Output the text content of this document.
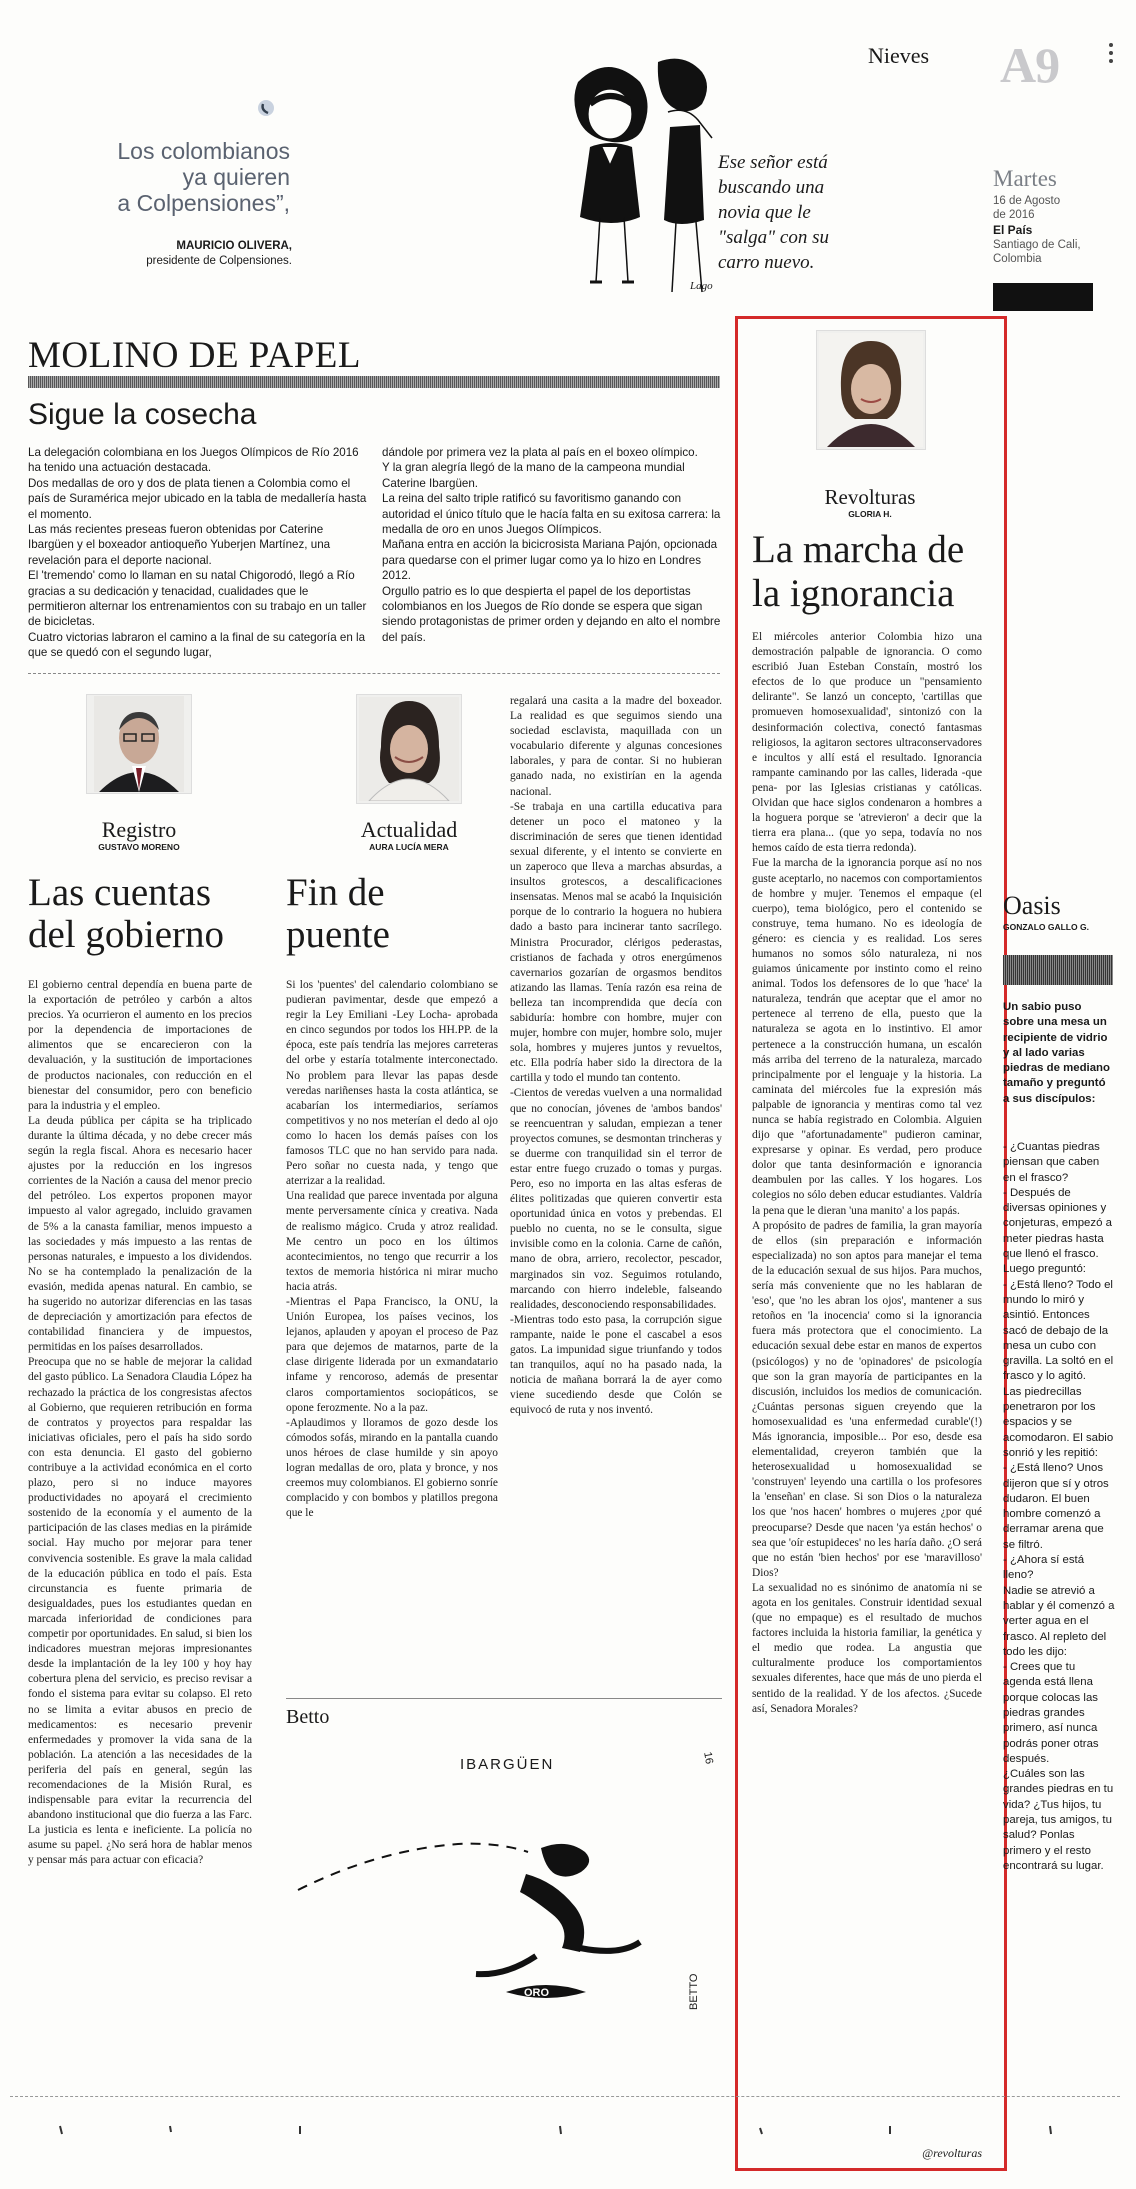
Los colombianos
ya quieren
a Colpensiones”,
MAURICIO OLIVERA,
presidente de Colpensiones.
Ese señor está
buscando una
novia que le
"salga" con su
carro nuevo.
Lago
Nieves A9
Martes
16 de Agosto
de 2016
El País
Santiago de Cali,
Colombia
MOLINO DE PAPEL
Sigue la cosecha
La delegación colombiana en los Juegos Olímpicos de Río 2016 ha tenido una actuación destacada.
Dos medallas de oro y dos de plata tienen a Colombia como el país de Suramérica mejor ubicado en la tabla de medallería hasta el momento.
Las más recientes preseas fueron obtenidas por Caterine Ibargüen y el boxeador antioqueño Yuberjen Martínez, una revelación para el deporte nacional.
El 'tremendo' como lo llaman en su natal Chigorodó, llegó a Río gracias a su dedicación y tenacidad, cualidades que le permitieron alternar los entrenamientos con su trabajo en un taller de bicicletas.
Cuatro victorias labraron el camino a la final de su categoría en la que se quedó con el segundo lugar,
dándole por primera vez la plata al país en el boxeo olímpico.
Y la gran alegría llegó de la mano de la campeona mundial Caterine Ibargüen.
La reina del salto triple ratificó su favoritismo ganando con autoridad el único título que le hacía falta en su exitosa carrera: la medalla de oro en unos Juegos Olímpicos.
Mañana entra en acción la bicicrosista Mariana Pajón, opcionada para quedarse con el primer lugar como ya lo hizo en Londres 2012.
Orgullo patrio es lo que despierta el papel de los deportistas colombianos en los Juegos de Río donde se espera que sigan siendo protagonistas de primer orden y dejando en alto el nombre del país.
Registro
GUSTAVO MORENO
Las cuentas
del gobierno
El gobierno central dependía en buena parte de la exportación de petróleo y carbón a altos precios. Ya ocurrieron el aumento en los precios por la dependencia de importaciones de alimentos que se encarecieron con la devaluación, y la sustitución de importaciones de productos nacionales, con reducción en el bienestar del consumidor, pero con beneficio para la industria y el empleo.
La deuda pública per cápita se ha triplicado durante la última década, y no debe crecer más según la regla fiscal. Ahora es necesario hacer ajustes por la reducción en los ingresos corrientes de la Nación a causa del menor precio del petróleo. Los expertos proponen mayor impuesto al valor agregado, incluido gravamen de 5% a la canasta familiar, menos impuesto a las sociedades y más impuesto a las rentas de personas naturales, e impuesto a los dividendos. No se ha contemplado la penalización de la evasión, medida apenas natural. En cambio, se ha sugerido no autorizar diferencias en las tasas de depreciación y amortización para efectos de contabilidad financiera y de impuestos, permitidas en los países desarrollados.
Preocupa que no se hable de mejorar la calidad del gasto público. La Senadora Claudia López ha rechazado la práctica de los congresistas afectos al Gobierno, que requieren retribución en forma de contratos y proyectos para respaldar las iniciativas oficiales, pero el país ha sido sordo con esta denuncia. El gasto del gobierno contribuye a la actividad económica en el corto plazo, pero si no induce mayores productividades no apoyará el crecimiento sostenido de la economía y el aumento de la participación de las clases medias en la pirámide social. Hay mucho por mejorar para tener convivencia sostenible. Es grave la mala calidad de la educación pública en todo el país. Esta circunstancia es fuente primaria de desigualdades, pues los estudiantes quedan en marcada inferioridad de condiciones para competir por oportunidades. En salud, si bien los indicadores muestran mejoras impresionantes desde la implantación de la ley 100 y hoy hay cobertura plena del servicio, es preciso revisar a fondo el sistema para evitar su colapso. El reto no se limita a evitar abusos en precio de medicamentos: es necesario prevenir enfermedades y promover la vida sana de la población. La atención a las necesidades de la periferia del país en general, según las recomendaciones de la Misión Rural, es indispensable para evitar la recurrencia del abandono institucional que dio fuerza a las Farc. La justicia es lenta e ineficiente. La policía no asume su papel. ¿No será hora de hablar menos y pensar más para actuar con eficacia?
Actualidad
AURA LUCÍA MERA
Fin de
puente
Si los 'puentes' del calendario colombiano se pudieran pavimentar, desde que empezó a regir la Ley Emiliani -Ley Locha- aprobada en cinco segundos por todos los HH.PP. de la época, este país tendría las mejores carreteras del orbe y estaría totalmente interconectado. No problem para llevar las papas desde veredas nariñenses hasta la costa atlántica, se acabarían los intermediarios, seríamos competitivos y no nos meterían el dedo al ojo como lo hacen los demás países con los famosos TLC que no han servido para nada. Pero soñar no cuesta nada, y tengo que aterrizar a la realidad.
Una realidad que parece inventada por alguna mente perversamente cínica y creativa. Nada de realismo mágico. Cruda y atroz realidad. Me centro un poco en los últimos acontecimientos, no tengo que recurrir a los textos de memoria histórica ni mirar mucho hacia atrás.
-Mientras el Papa Francisco, la ONU, la Unión Europea, los países vecinos, los lejanos, aplauden y apoyan el proceso de Paz para que dejemos de matarnos, parte de la clase dirigente liderada por un exmandatario infame y rencoroso, además de presentar claros comportamientos sociopáticos, se opone ferozmente. No a la paz.
-Aplaudimos y lloramos de gozo desde los cómodos sofás, mirando en la pantalla cuando unos héroes de clase humilde y sin apoyo logran medallas de oro, plata y bronce, y nos creemos muy colombianos. El gobierno sonríe complacido y con bombos y platillos pregona que le
regalará una casita a la madre del boxeador. La realidad es que seguimos siendo una sociedad esclavista, maquillada con un vocabulario diferente y algunas concesiones laborales, y para de contar. Si no hubieran ganado nada, no existirían en la agenda nacional.
-Se trabaja en una cartilla educativa para detener un poco el matoneo y la discriminación de seres que tienen identidad sexual diferente, y el intento se convierte en un zaperoco que lleva a marchas absurdas, a insultos grotescos, a descalificaciones insensatas. Menos mal se acabó la Inquisición porque de lo contrario la hoguera no hubiera dado a basto para incinerar tanto sacrílego. Ministra Procurador, clérigos pederastas, cristianos de fachada y otros energúmenos cavernarios gozarían de orgasmos benditos atizando las llamas. Tenía razón esa reina de belleza tan incomprendida que decía con sabiduría: hombre con hombre, mujer con mujer, hombre con mujer, hombre solo, mujer sola, hombres y mujeres juntos y revueltos, etc. Ella podría haber sido la directora de la cartilla y todo el mundo tan contento.
-Cientos de veredas vuelven a una normalidad que no conocían, jóvenes de 'ambos bandos' se reencuentran y saludan, empiezan a tener proyectos comunes, se desmontan trincheras y se duerme con tranquilidad sin el terror de estar entre fuego cruzado o tomas y purgas. Pero, eso no importa en las altas esferas de élites politizadas que quieren convertir esta oportunidad única en votos y prebendas. El pueblo no cuenta, no se le consulta, sigue invisible como en la colonia. Carne de cañón, mano de obra, arriero, recolector, pescador, marginados sin voz. Seguimos rotulando, marcando con hierro indeleble, falseando realidades, desconociendo responsabilidades.
-Mientras todo esto pasa, la corrupción sigue rampante, naide le pone el cascabel a esos gatos. La impunidad sigue triunfando y todos tan tranquilos, aquí no ha pasado nada, la noticia de mañana borrará la de ayer como viene sucediendo desde que Colón se equivocó de ruta y nos inventó.
Betto
IBARGÜEN	16
ORO	BETTO
Revolturas
GLORIA H.
La marcha de
la ignorancia
El miércoles anterior Colombia hizo una demostración palpable de ignorancia. O como escribió Juan Esteban Constaín, mostró los efectos de lo que produce un "pensamiento delirante". Se lanzó un concepto, 'cartillas que promueven homosexualidad', sintonizó con la desinformación colectiva, conectó fantasmas religiosos, la agitaron sectores ultraconservadores e incultos y allí está el resultado. Ignorancia rampante caminando por las calles, liderada -que pena- por las Iglesias cristianas y católicas. Olvidan que hace siglos condenaron a hombres a la hoguera porque se 'atrevieron' a decir que la tierra era plana... (que yo sepa, todavía no nos hemos caído de esta tierra redonda).
Fue la marcha de la ignorancia porque así no nos guste aceptarlo, no nacemos con comportamientos de hombre y mujer. Tenemos el empaque (el cuerpo), tema biológico, pero el contenido se construye, tema humano. No es ideología de género: es ciencia y es realidad. Los seres humanos no somos sólo naturaleza, ni nos guiamos únicamente por instinto como el reino animal. Todos los defensores de lo que 'hace' la naturaleza, tendrán que aceptar que el amor no pertenece al terreno de ella, puesto que la naturaleza se agota en lo instintivo. El amor pertenece a la construcción humana, un escalón más arriba del terreno de la naturaleza, marcado principalmente por el lenguaje y la historia. La caminata del miércoles fue la expresión más palpable de ignorancia y mentiras como tal vez nunca se había registrado en Colombia. Alguien dijo que "afortunadamente" pudieron caminar, expresarse y opinar. Es verdad, pero produce dolor que tanta desinformación e ignorancia deambulen por las calles. Y los hogares. Los colegios no sólo deben educar estudiantes. Valdría la pena que le dieran 'una manito' a los papás.
A propósito de padres de familia, la gran mayoría de ellos (sin preparación e información especializada) no son aptos para manejar el tema de la educación sexual de sus hijos. Para muchos, sería más conveniente que no les hablaran de 'eso', que 'no les abran los ojos', mantener a sus retoños en 'la inocencia' como si la ignorancia fuera más protectora que el conocimiento. La educación sexual debe estar en manos de expertos (psicólogos) y no de 'opinadores' de psicología que son la gran mayoría de participantes en la discusión, incluidos los medios de comunicación. ¿Cuántas personas siguen creyendo que la homosexualidad es 'una enfermedad curable'(!) Más ignorancia, imposible... Por eso, desde esa elementalidad, creyeron también que la heterosexualidad u homosexualidad se 'construyen' leyendo una cartilla o los profesores la 'enseñan' en clase. Si son Dios o la naturaleza los que 'nos hacen' hombres o mujeres ¿por qué preocuparse? Desde que nacen 'ya están hechos' o sea que 'oír estupideces' no les haría daño. ¿O será que no están 'bien hechos' por ese 'maravilloso' Dios?
La sexualidad no es sinónimo de anatomía ni se agota en los genitales. Construir identidad sexual (que no empaque) es el resultado de muchos factores incluida la historia familiar, la genética y el medio que rodea. La angustia que culturalmente produce los comportamientos sexuales diferentes, hace que más de uno pierda el sentido de la realidad. Y de los afectos. ¿Sucede así, Senadora Morales?
@revolturas
Oasis
GONZALO GALLO G.
Un sabio puso sobre una mesa un recipiente de vidrio y al lado varias piedras de mediano tamaño y preguntó a sus discípulos:
- ¿Cuantas piedras piensan que caben en el frasco?
- Después de diversas opiniones y conjeturas, empezó a meter piedras hasta que llenó el frasco. Luego preguntó:
- ¿Está lleno? Todo el mundo lo miró y asintió. Entonces sacó de debajo de la mesa un cubo con gravilla. La soltó en el frasco y lo agitó.
Las piedrecillas penetraron por los espacios y se acomodaron. El sabio sonrió y les repitió:
- ¿Está lleno? Unos dijeron que sí y otros dudaron. El buen hombre comenzó a derramar arena que se filtró.
- ¿Ahora sí está lleno?
Nadie se atrevió a hablar y él comenzó a verter agua en el frasco. Al repleto del todo les dijo:
- Crees que tu agenda está llena porque colocas las piedras grandes primero, así nunca podrás poner otras después.
¿Cuáles son las grandes piedras en tu vida? ¿Tus hijos, tu pareja, tus amigos, tu salud? Ponlas primero y el resto encontrará su lugar.
